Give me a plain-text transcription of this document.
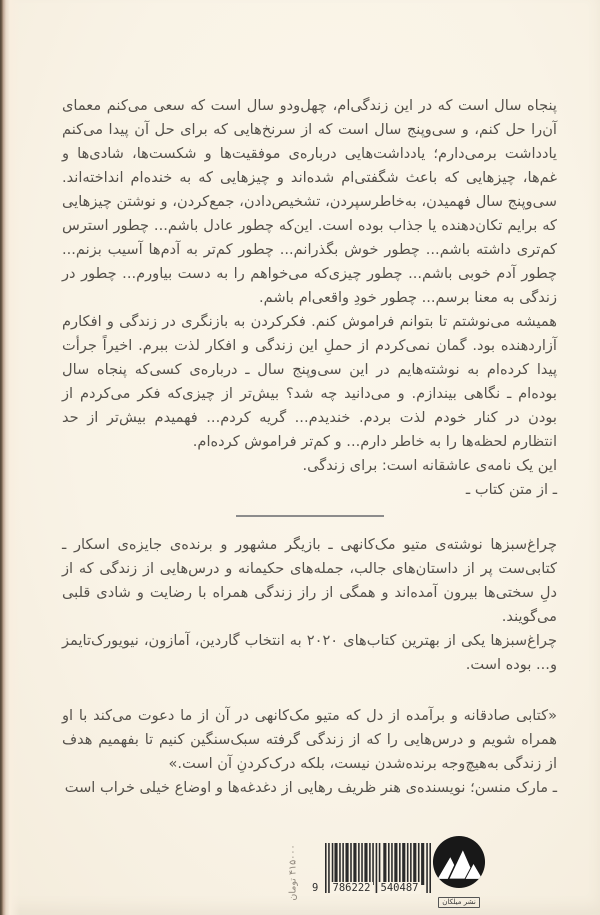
پنجاه سال است که در این زندگی‌ام، چهل‌ودو سال است که سعی می‌کنم معمای آن‌را حل کنم، و سی‌وپنج سال است که از سرنخ‌هایی که برای حل آن پیدا می‌کنم یادداشت برمی‌دارم؛ یادداشت‌هایی درباره‌ی موفقیت‌ها و شکست‌ها، شادی‌ها و غم‌ها، چیزهایی که باعث شگفتی‌ام شده‌اند و چیزهایی که به خنده‌ام انداخته‌اند. سی‌وپنج سال فهمیدن، به‌خاطرسپردن، تشخیص‌دادن، جمع‌کردن، و نوشتن چیزهایی که برایم تکان‌دهنده یا جذاب بوده است. این‌که چطور عادل باشم... چطور استرس کم‌تری داشته باشم... چطور خوش بگذرانم... چطور کم‌تر به آدم‌ها آسیب بزنم... چطور آدم خوبی باشم... چطور چیزی‌که می‌خواهم را به دست بیاورم... چطور در زندگی به معنا برسم... چطور خودِ واقعی‌ام باشم.

همیشه می‌نوشتم تا بتوانم فراموش کنم. فکرکردن به بازنگری در زندگی و افکارم آزاردهنده بود. گمان نمی‌کردم از حملِ این زندگی و افکار لذت ببرم. اخیراً جرأت پیدا کرده‌ام به نوشته‌هایم در این سی‌وپنج سال ـ درباره‌ی کسی‌که پنجاه سال بوده‌ام ـ نگاهی بیندازم. و می‌دانید چه شد؟ بیش‌تر از چیزی‌که فکر می‌کردم از بودن در کنار خودم لذت بردم. خندیدم... گریه کردم... فهمیدم بیش‌تر از حد انتظارم لحظه‌ها را به خاطر دارم... و کم‌تر فراموش کرده‌ام.

این یک نامه‌ی عاشقانه است: برای زندگی.

ـ از متن کتاب ـ

چراغ‌سبزها نوشته‌ی متیو مک‌کانهی ـ بازیگر مشهور و برنده‌ی جایزه‌ی اسکار ـ کتابی‌ست پر از داستان‌های جالب، جمله‌های حکیمانه و درس‌هایی از زندگی که از دلِ سختی‌ها بیرون آمده‌اند و همگی از راز زندگی همراه با رضایت و شادی قلبی می‌گویند.

چراغ‌سبزها یکی از بهترین کتاب‌های ۲۰۲۰ به انتخاب گاردین، آمازون، نیویورک‌تایمز و... بوده است.

«کتابی صادقانه و برآمده از دل که متیو مک‌کانهی در آن از ما دعوت می‌کند با او همراه شویم و درس‌هایی را که از زندگی گرفته سبک‌سنگین کنیم تا بفهمیم هدف از زندگی به‌هیچ‌وجه برنده‌شدن نیست، بلکه درک‌کردنِ آن است.»

ـ مارک منسن؛ نویسنده‌ی هنر ظریف رهایی از دغدغه‌ها و اوضاع خیلی خراب است

۴۱۵۰۰۰ تومان
9 786222 540487
نشر میلکان
